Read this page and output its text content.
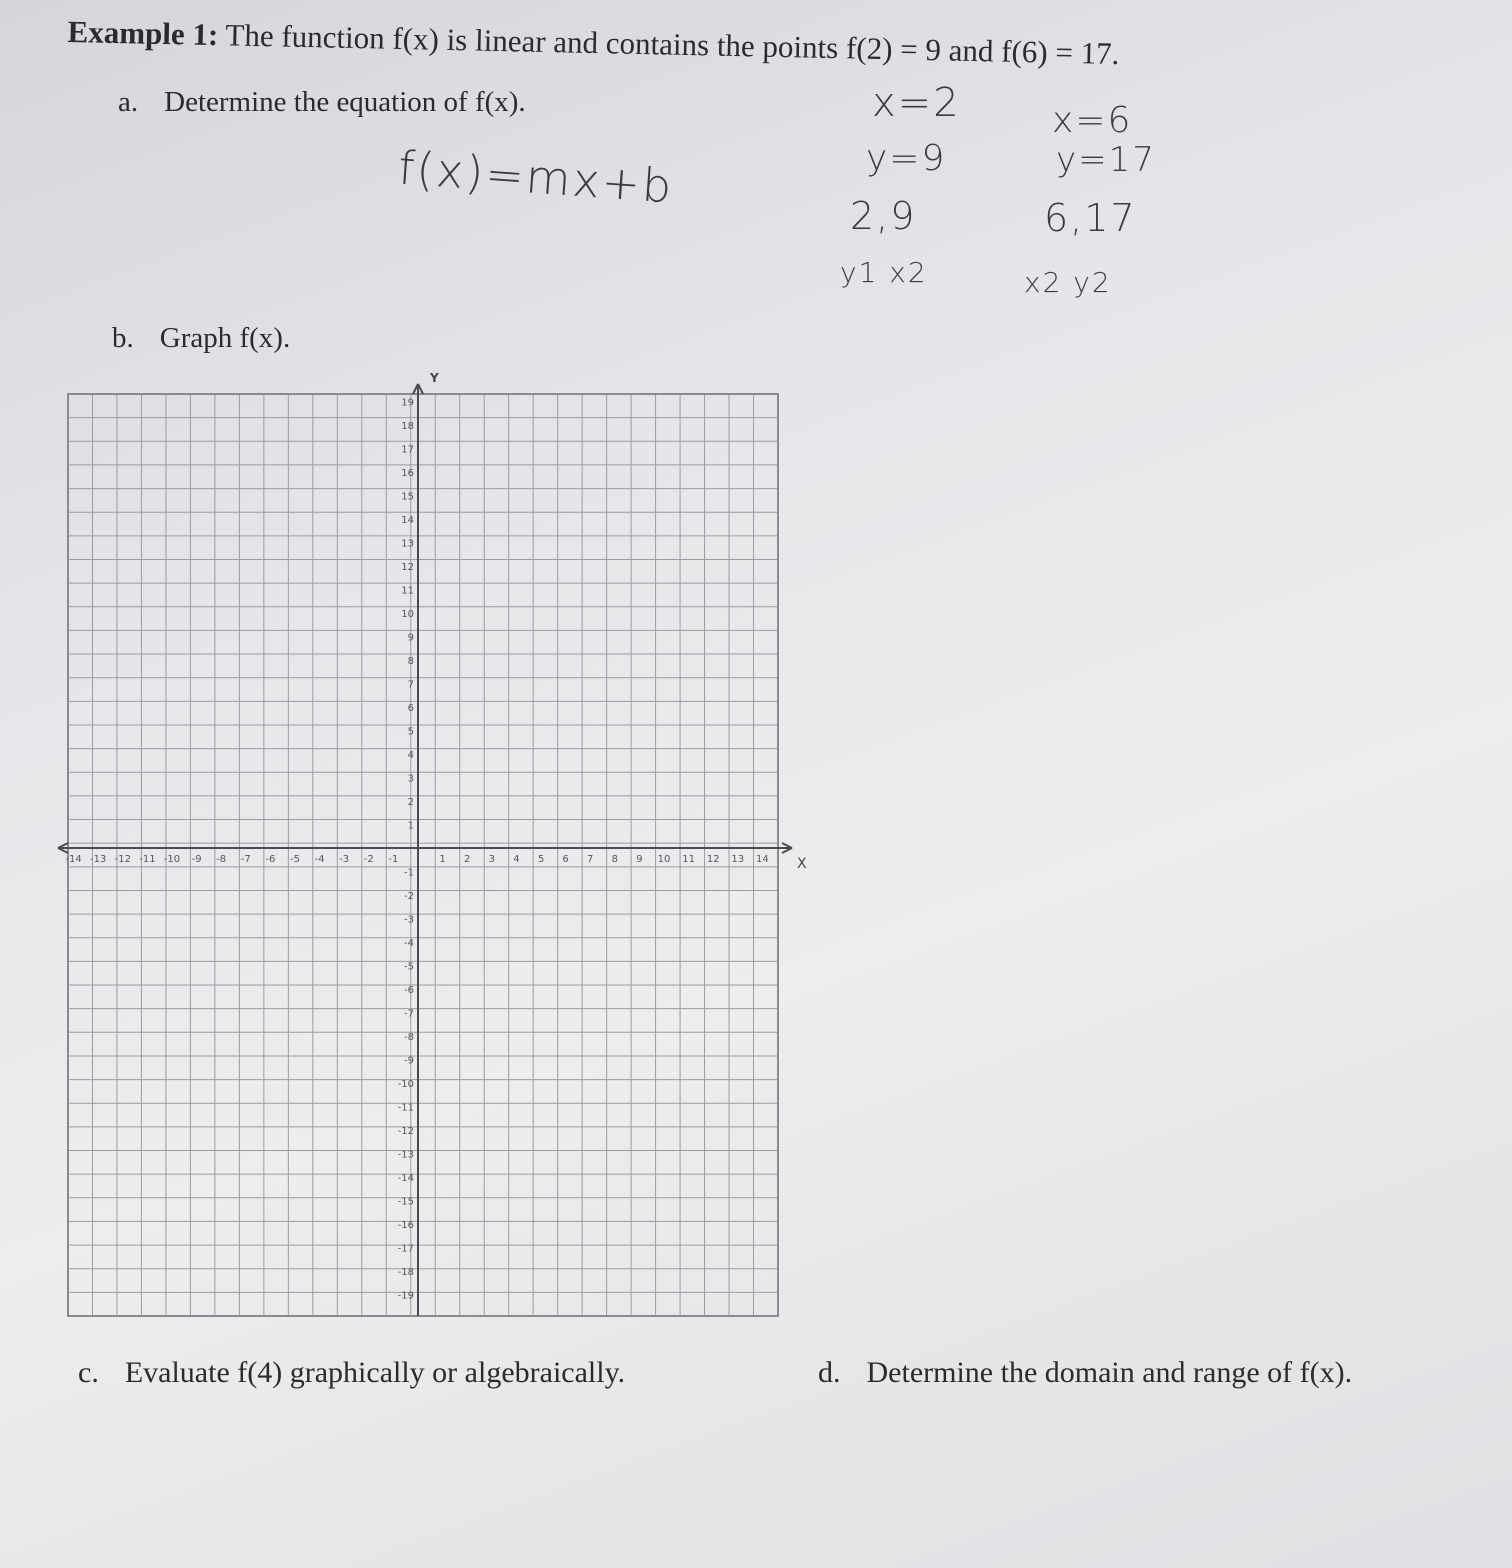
Example 1: The function f(x) is linear and contains the points f(2) = 9 and f(6) = 17.
a. Determine the equation of f(x).
b. Graph f(x).
c. Evaluate f(4) graphically or algebraically.	d. Determine the domain and range of f(x).
f(x)=mx+b
x=2
y=9
2,9
y1 x2
x=6
y=17
6,17
x2 y2
-14 -13 -12 -11 -10 -9 -8 -7 -6 -5 -4 -3 -2 -1	1 2 3 4 5 6 7 8 9 10 11 12 13 14
19
18
17
16
15
14
13
12
11
10
9
8
7
6
5
4
3
2
1
-1
-2
-3
-4
-5
-6
-7
-8
-9
-10
-11
-12
-13
-14
-15
-16
-17
-18
-19
X
Y
